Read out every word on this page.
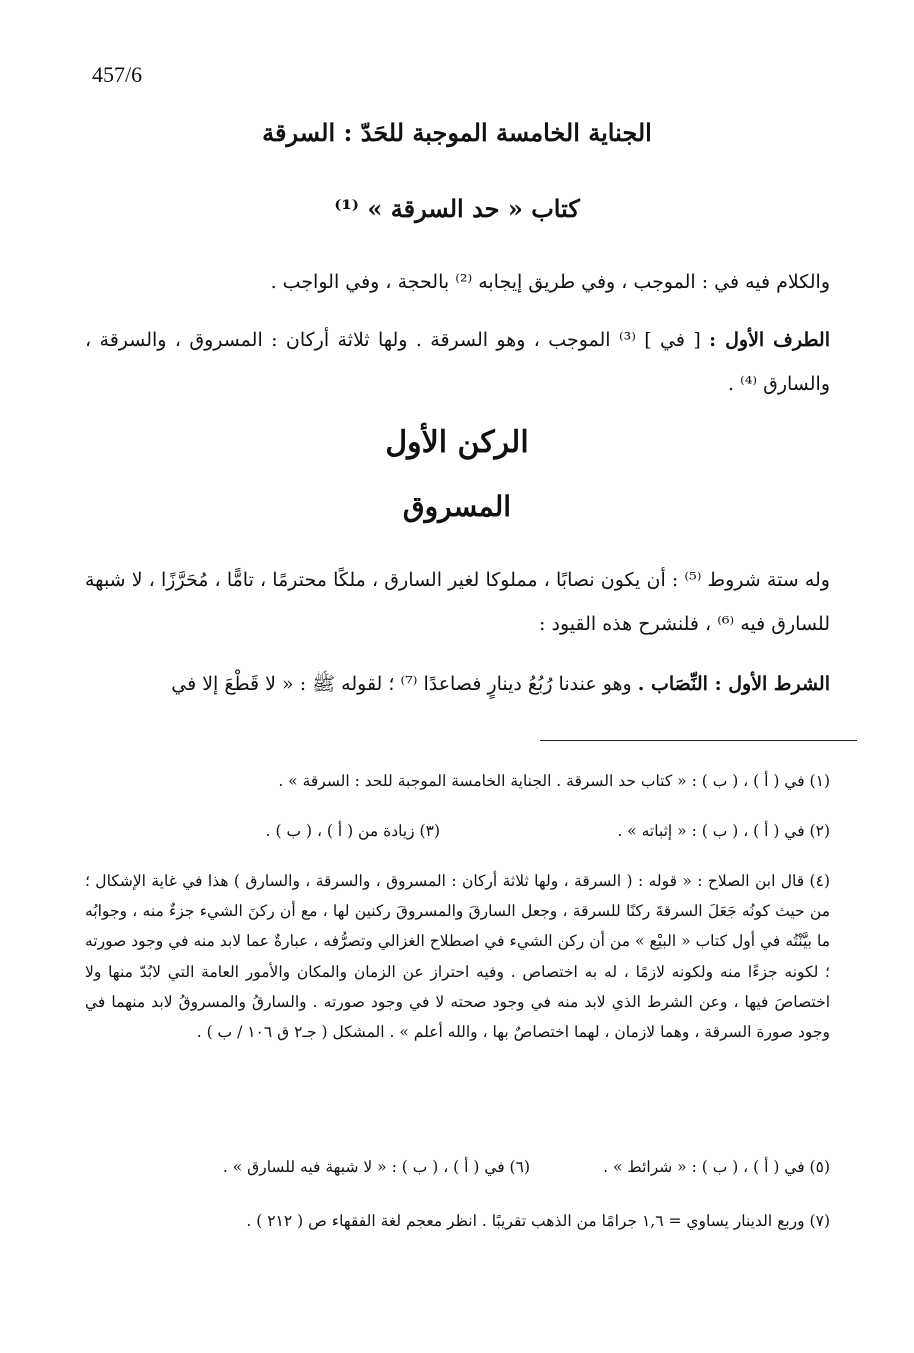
457/6
الجناية الخامسة الموجبة للحَدّ : السرقة
كتاب « حد السرقة » ⁽¹⁾
والكلام فيه في : الموجب ، وفي طريق إيجابه ⁽²⁾ بالحجة ، وفي الواجب .
الطرف الأول : [ في ] ⁽³⁾ الموجب ، وهو السرقة . ولها ثلاثة أركان : المسروق ، والسرقة ، والسارق ⁽⁴⁾ .
الركن الأول
المسروق
وله ستة شروط ⁽⁵⁾ : أن يكون نصابًا ، مملوكا لغير السارق ، ملكًا محترمًا ، تامًّا ، مُحَرَّزًا ، لا شبهة للسارق فيه ⁽⁶⁾ ، فلنشرح هذه القيود :
الشرط الأول : النِّصَاب . وهو عندنا رُبُعُ دينارٍ فصاعدًا ⁽⁷⁾ ؛ لقوله ﷺ : « لا قَطْعَ إلا في
(١) في ( أ ) ، ( ب ) : « كتاب حد السرقة . الجناية الخامسة الموجبة للحد : السرقة » .
(٢) في ( أ ) ، ( ب ) : « إثباته » .
(٣) زيادة من ( أ ) ، ( ب ) .
(٤) قال ابن الصلاح : « قوله : ( السرقة ، ولها ثلاثة أركان : المسروق ، والسرقة ، والسارق ) هذا في غاية الإشكال ؛ من حيث كونُه جَعَلَ السرقةَ ركنًا للسرقة ، وجعل السارقَ والمسروقَ ركنين لها ، مع أن ركنَ الشيء جزءٌ منه ، وجوابُه ما بيَّنْتُه في أول كتاب « البيْع » من أن ركن الشيء في اصطلاح الغزالي وتصرُّفه ، عبارةٌ عما لابد منه في وجود صورته ؛ لكونه جزءًا منه ولكونه لازمًا ، له به اختصاص . وفيه احتراز عن الزمان والمكان والأمور العامة التي لابُدّ منها ولا اختصاصَ فيها ، وعن الشرط الذي لابد منه في وجود صحته لا في وجود صورته . والسارقُ والمسروقُ لابد منهما في وجود صورة السرقة ، وهما لازمان ، لهما اختصاصٌ بها ، والله أعلم » . المشكل ( جـ٢ ق ١٠٦ / ب ) .
(٥) في ( أ ) ، ( ب ) : « شرائط » .
(٦) في ( أ ) ، ( ب ) : « لا شبهة فيه للسارق » .
(٧) وربع الدينار يساوي = ١,٦ جرامًا من الذهب تقريبًا . انظر معجم لغة الفقهاء ص ( ٢١٢ ) .
